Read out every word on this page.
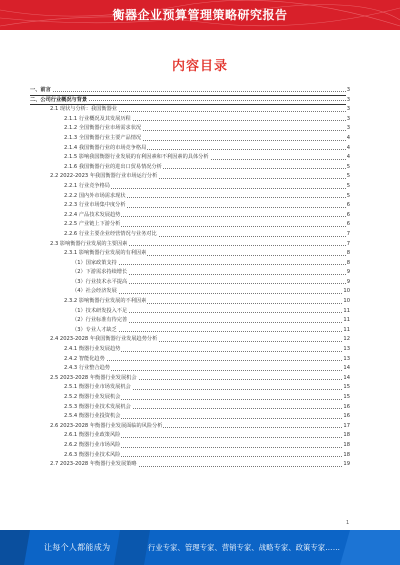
衡器企业预算管理策略研究报告
内容目录
一、前言	3
二、公司行业概况与背景	3
2.1 现状与分析：我国衡器业	3
2.1.1 行业概况及其发展历程	3
2.1.2 全国衡器行业市场需求状况	3
2.1.3 全国衡器行业主要产品情况	4
2.1.4 我国衡器行业的市场竞争格局	4
2.1.5 影响我国衡器行业发展的有利因素和不利因素的具体分析	4
2.1.6 我国衡器行业的进出口贸易情况分析	5
2.2 2022-2023 年我国衡器行业市场运行分析	5
2.2.1 行业竞争格局	5
2.2.2 国内外市场需求现状	5
2.2.3 行业市场集中度分析	6
2.2.4 产品技术发展趋势	6
2.2.5 产业链上下游分析	6
2.2.6 行业主要企业经营情况与业务对比	7
2.3 影响衡器行业发展的主要因素	7
2.3.1 影响衡器行业发展的有利因素	8
（1）国家政策支持	8
（2）下游需求持续增长	9
（3）行业技术水平提高	9
（4）社会经济发展	10
2.3.2 影响衡器行业发展的不利因素	10
（1）技术研发投入不足	11
（2）行业标准有待完善	11
（3）专业人才缺乏	11
2.4 2023-2028 年我国衡器行业发展趋势分析	12
2.4.1 衡器行业发展趋势	13
2.4.2 智能化趋势	13
2.4.3 行业整合趋势	14
2.5 2023-2028 年衡器行业发展机会	14
2.5.1 衡器行业市场发展机会	15
2.5.2 衡器行业发展机会	15
2.5.3 衡器行业技术发展机会	16
2.5.4 衡器行业投资机会	16
2.6 2023-2028 年衡器行业发展面临的风险分析	17
2.6.1 衡器行业政策风险	18
2.6.2 衡器行业市场风险	18
2.6.3 衡器行业技术风险	18
2.7 2023-2028 年衡器行业发展策略	19
1
让每个人都能成为	行业专家、管理专家、营销专家、战略专家、政策专家……
